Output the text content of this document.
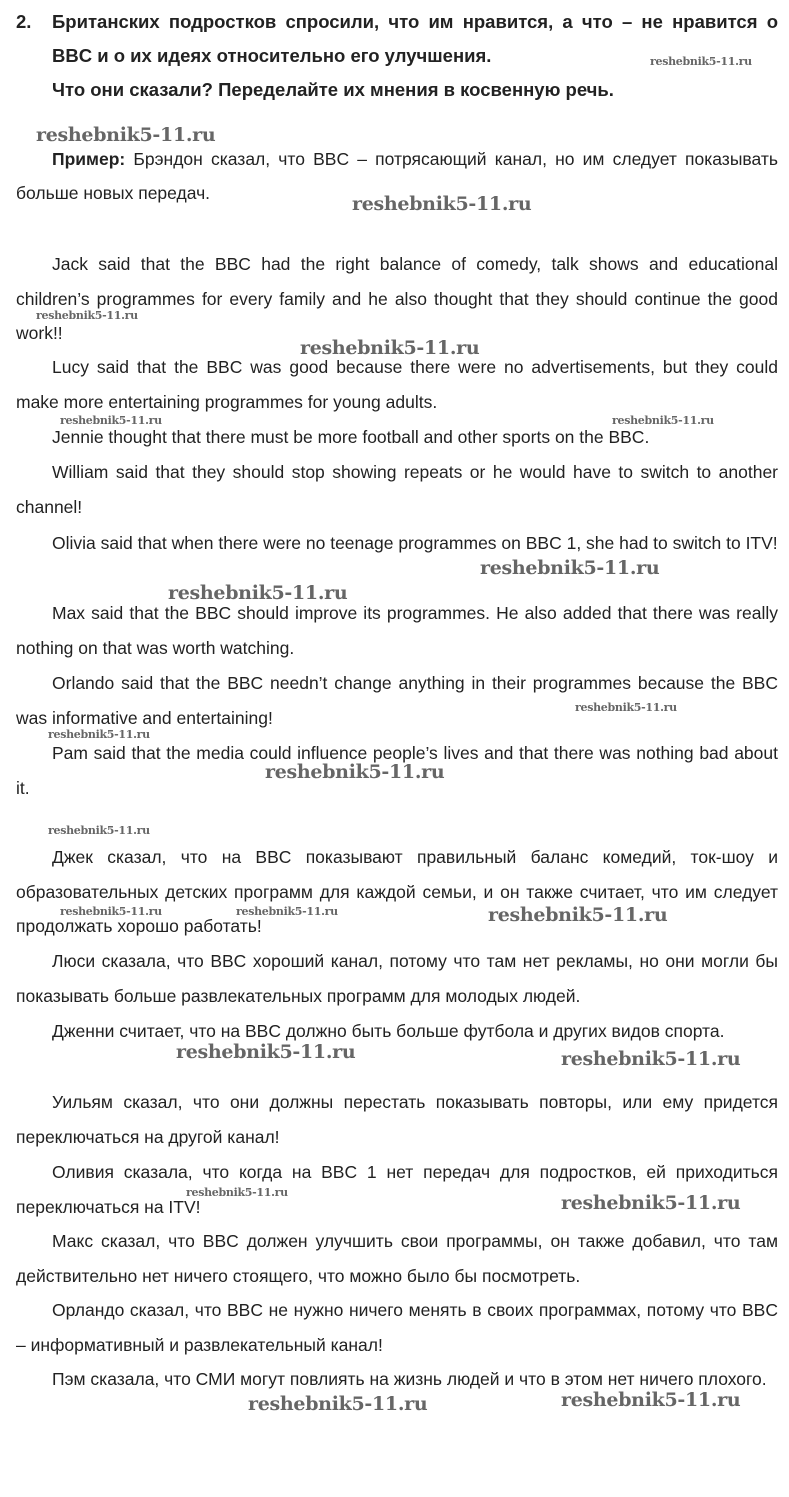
2. Британских подростков спросили, что им нравится, а что – не нравится о BBC и о их идеях относительно его улучшения.
Что они сказали? Переделайте их мнения в косвенную речь.
Пример: Брэндон сказал, что BBC – потрясающий канал, но им следует показывать больше новых передач.

Jack said that the BBC had the right balance of comedy, talk shows and educational children’s programmes for every family and he also thought that they should continue the good work!!

Lucy said that the BBC was good because there were no advertisements, but they could make more entertaining programmes for young adults.

Jennie thought that there must be more football and other sports on the BBC.

William said that they should stop showing repeats or he would have to switch to another channel!

Olivia said that when there were no teenage programmes on BBC 1, she had to switch to ITV!

Max said that the BBC should improve its programmes. He also added that there was really nothing on that was worth watching.

Orlando said that the BBC needn’t change anything in their programmes because the BBC was informative and entertaining!

Pam said that the media could influence people’s lives and that there was nothing bad about it.

Джек сказал, что на BBC показывают правильный баланс комедий, ток-шоу и образовательных детских программ для каждой семьи, и он также считает, что им следует продолжать хорошо работать!

Люси сказала, что BBC хороший канал, потому что там нет рекламы, но они могли бы показывать больше развлекательных программ для молодых людей.

Дженни считает, что на BBC должно быть больше футбола и других видов спорта.

Уильям сказал, что они должны перестать показывать повторы, или ему придется переключаться на другой канал!

Оливия сказала, что когда на BBC 1 нет передач для подростков, ей приходиться переключаться на ITV!

Макс сказал, что BBC должен улучшить свои программы, он также добавил, что там действительно нет ничего стоящего, что можно было бы посмотреть.

Орландо сказал, что BBC не нужно ничего менять в своих программах, потому что BBC – информативный и развлекательный канал!

Пэм сказала, что СМИ могут повлиять на жизнь людей и что в этом нет ничего плохого.

reshebnik5-11.ru
reshebnik5-11.ru
reshebnik5-11.ru
reshebnik5-11.ru
reshebnik5-11.ru
reshebnik5-11.ru	reshebnik5-11.ru
reshebnik5-11.ru
reshebnik5-11.ru
reshebnik5-11.ru
reshebnik5-11.ru
reshebnik5-11.ru
reshebnik5-11.ru
reshebnik5-11.ru	reshebnik5-11.ru	reshebnik5-11.ru
reshebnik5-11.ru	reshebnik5-11.ru
reshebnik5-11.ru	reshebnik5-11.ru
reshebnik5-11.ru
reshebnik5-11.ru
